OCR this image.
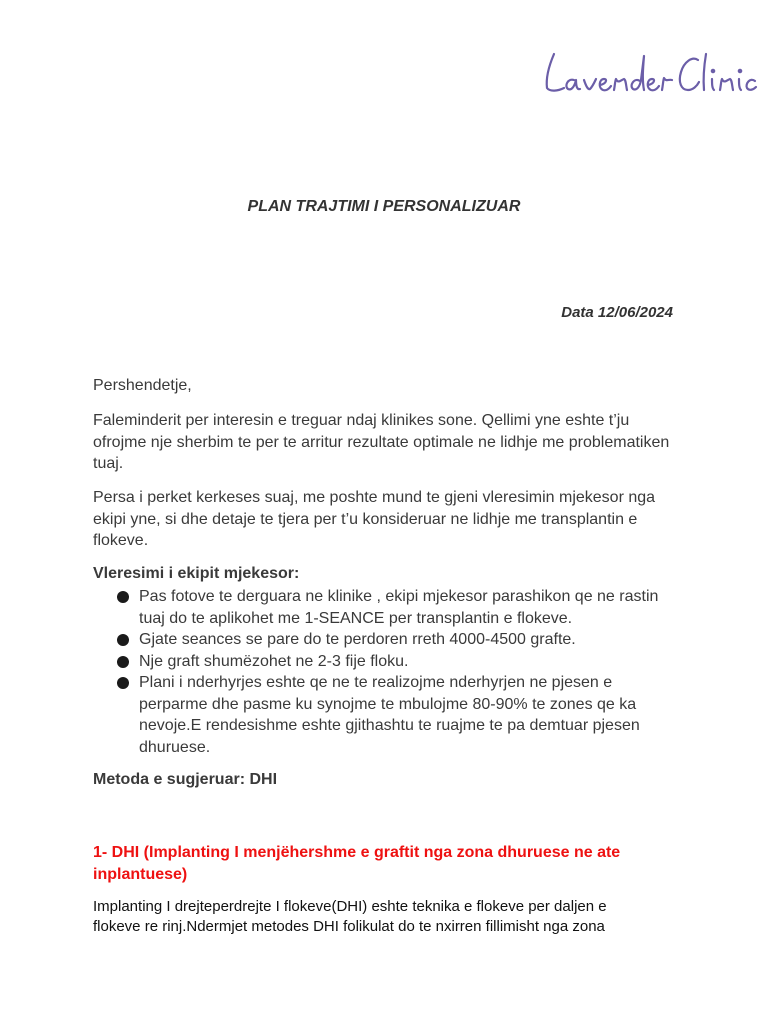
PLAN TRAJTIMI I PERSONALIZUAR

Data 12/06/2024

Pershendetje,

Faleminderit per interesin e treguar ndaj klinikes sone. Qellimi yne eshte t’ju ofrojme nje sherbim te per te arritur rezultate optimale ne lidhje me problematiken tuaj.

Persa i perket kerkeses suaj, me poshte mund te gjeni vleresimin mjekesor nga ekipi yne, si dhe detaje te tjera per t’u konsideruar ne lidhje me transplantin e flokeve.

Vleresimi i ekipit mjekesor:

Pas fotove te derguara ne klinike , ekipi mjekesor parashikon qe ne rastin tuaj do te aplikohet me 1-SEANCE per transplantin e flokeve.
Gjate seances se pare do te perdoren rreth 4000-4500 grafte.
Nje graft shumëzohet ne 2-3 fije floku.
Plani i nderhyrjes eshte qe ne te realizojme nderhyrjen ne pjesen e perparme dhe pasme ku synojme te mbulojme 80-90% te zones qe ka nevoje.E rendesishme eshte gjithashtu te ruajme te pa demtuar pjesen dhuruese.

Metoda e sugjeruar: DHI

1- DHI (Implanting I menjëhershme e graftit nga zona dhuruese ne ate inplantuese)

Implanting I drejteperdrejte I flokeve(DHI) eshte teknika e flokeve per daljen e flokeve re rinj.Ndermjet metodes DHI folikulat do te nxirren fillimisht nga zona
